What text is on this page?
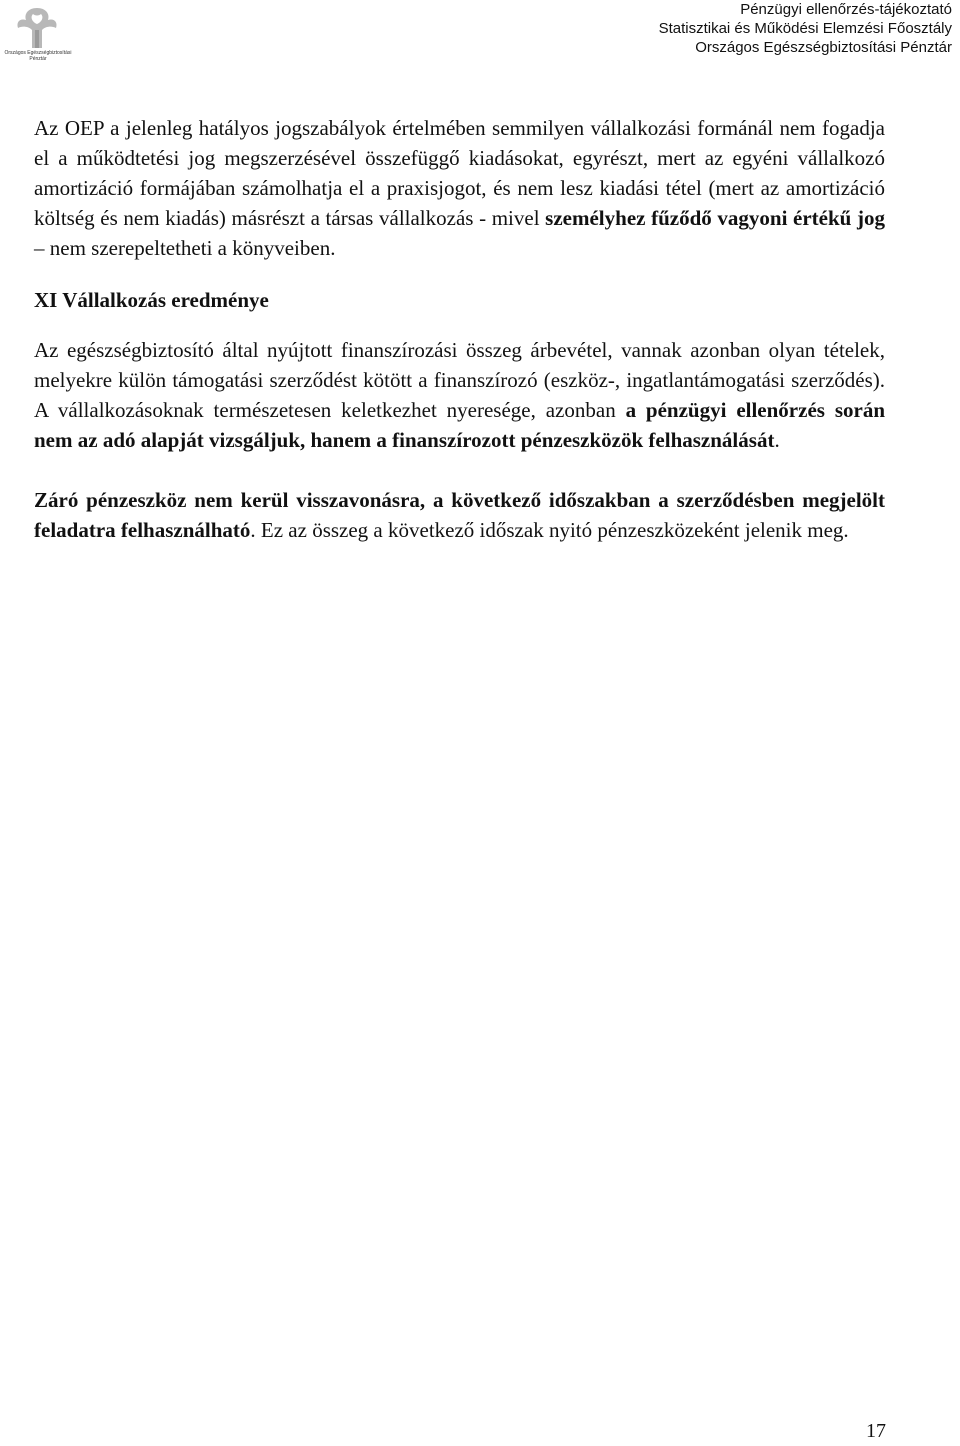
Országos Egészségbiztosítási Pénztár
Pénzügyi ellenőrzés-tájékoztató
Statisztikai és Működési Elemzési Főosztály
Országos Egészségbiztosítási Pénztár

Az OEP a jelenleg hatályos jogszabályok értelmében semmilyen vállalkozási formánál nem fogadja el a működtetési jog megszerzésével összefüggő kiadásokat, egyrészt, mert az egyéni vállalkozó amortizáció formájában számolhatja el a praxisjogot, és nem lesz kiadási tétel (mert az amortizáció költség és nem kiadás) másrészt a társas vállalkozás - mivel személyhez fűződő vagyoni értékű jog – nem szerepeltetheti a könyveiben.

XI Vállalkozás eredménye

Az egészségbiztosító által nyújtott finanszírozási összeg árbevétel, vannak azonban olyan tételek, melyekre külön támogatási szerződést kötött a finanszírozó (eszköz-, ingatlantámogatási szerződés). A vállalkozásoknak természetesen keletkezhet nyeresége, azonban a pénzügyi ellenőrzés során nem az adó alapját vizsgáljuk, hanem a finanszírozott pénzeszközök felhasználását.

Záró pénzeszköz nem kerül visszavonásra, a következő időszakban a szerződésben megjelölt feladatra felhasználható. Ez az összeg a következő időszak nyitó pénzeszközeként jelenik meg.

17
